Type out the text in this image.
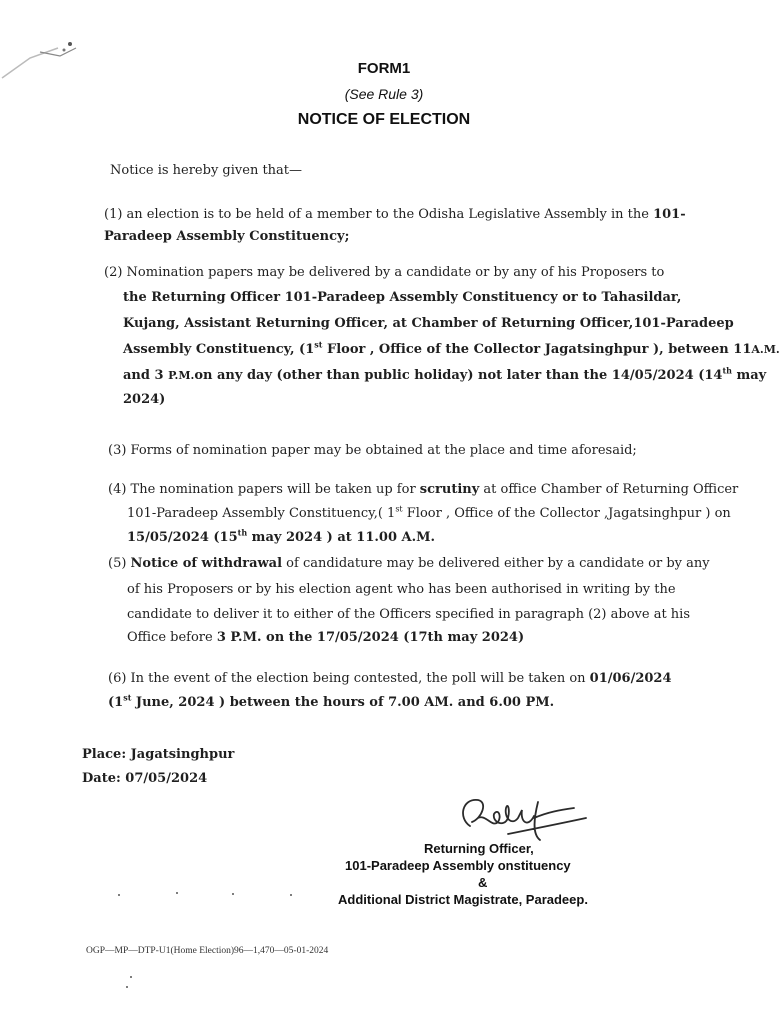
FORM1
(See Rule 3)
NOTICE OF ELECTION
Notice is hereby given that—
(1) an election is to be held of a member to the Odisha Legislative Assembly in the 101-
Paradeep Assembly Constituency;
(2) Nomination papers may be delivered by a candidate or by any of his Proposers to
the Returning Officer 101-Paradeep Assembly Constituency or to Tahasildar,
Kujang, Assistant Returning Officer, at Chamber of Returning Officer,101-Paradeep
Assembly Constituency, (1st Floor , Office of the Collector Jagatsinghpur ), between 11A.M.
and 3 P.M.on any day (other than public holiday) not later than the 14/05/2024 (14th may
2024)
(3) Forms of nomination paper may be obtained at the place and time aforesaid;
(4) The nomination papers will be taken up for scrutiny at office Chamber of Returning Officer
101-Paradeep Assembly Constituency,( 1st Floor , Office of the Collector ,Jagatsinghpur ) on
15/05/2024 (15th may 2024 ) at 11.00 A.M.
(5) Notice of withdrawal of candidature may be delivered either by a candidate or by any
of his Proposers or by his election agent who has been authorised in writing by the
candidate to deliver it to either of the Officers specified in paragraph (2) above at his
Office before 3 P.M. on the 17/05/2024 (17th may 2024)
(6) In the event of the election being contested, the poll will be taken on 01/06/2024
(1st June, 2024 ) between the hours of 7.00 AM. and 6.00 PM.
Place: Jagatsinghpur
Date: 07/05/2024
Returning Officer,
101-Paradeep Assembly onstituency
&
Additional District Magistrate, Paradeep.
OGP—MP—DTP-U1(Home Election)96—1,470—05-01-2024
